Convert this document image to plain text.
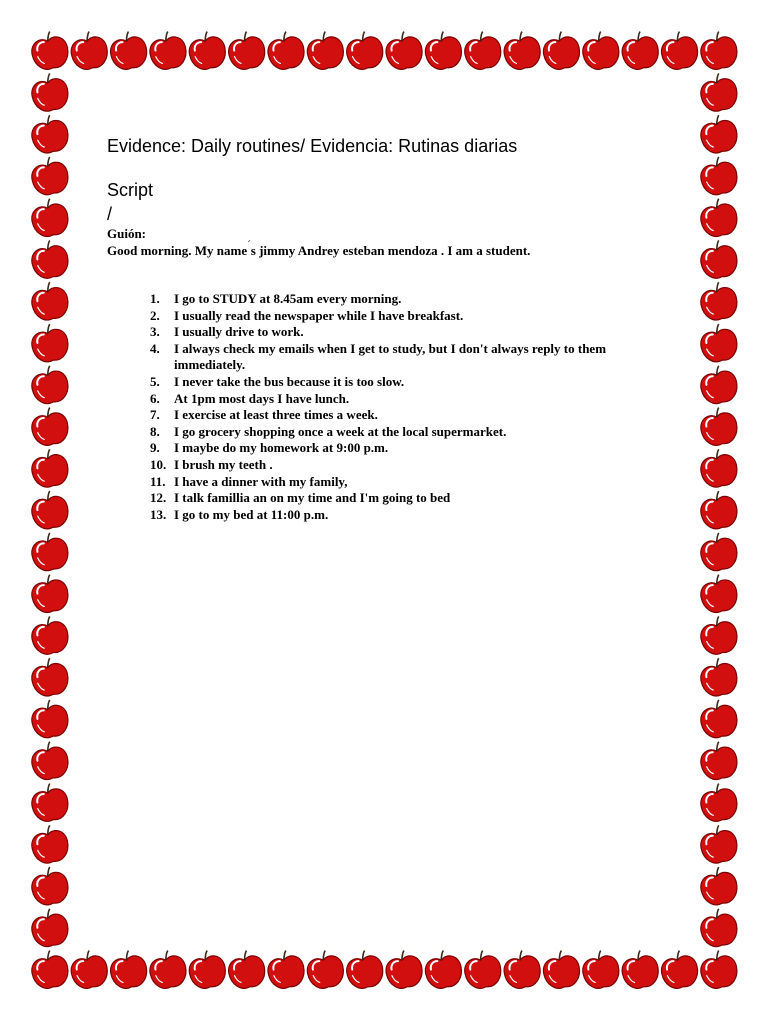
Evidence: Daily routines/ Evidencia: Rutinas diarias
Script
/
Guión:
Good morning. My name´s jimmy Andrey esteban mendoza . I am a student.
1.	I go to STUDY at 8.45am every morning.
2.	I usually read the newspaper while I have breakfast.
3.	I usually drive to work.
4.	I always check my emails when I get to study, but I don't always reply to them immediately.
5.	I never take the bus because it is too slow.
6.	At 1pm most days I have lunch.
7.	I exercise at least three times a week.
8.	I go grocery shopping once a week at the local supermarket.
9.	I maybe do my homework at 9:00 p.m.
10. I brush my teeth .
11. I have a dinner with my family,
12. I talk famillia an on my time and I'm going to bed
13. I go to my bed at 11:00 p.m.
